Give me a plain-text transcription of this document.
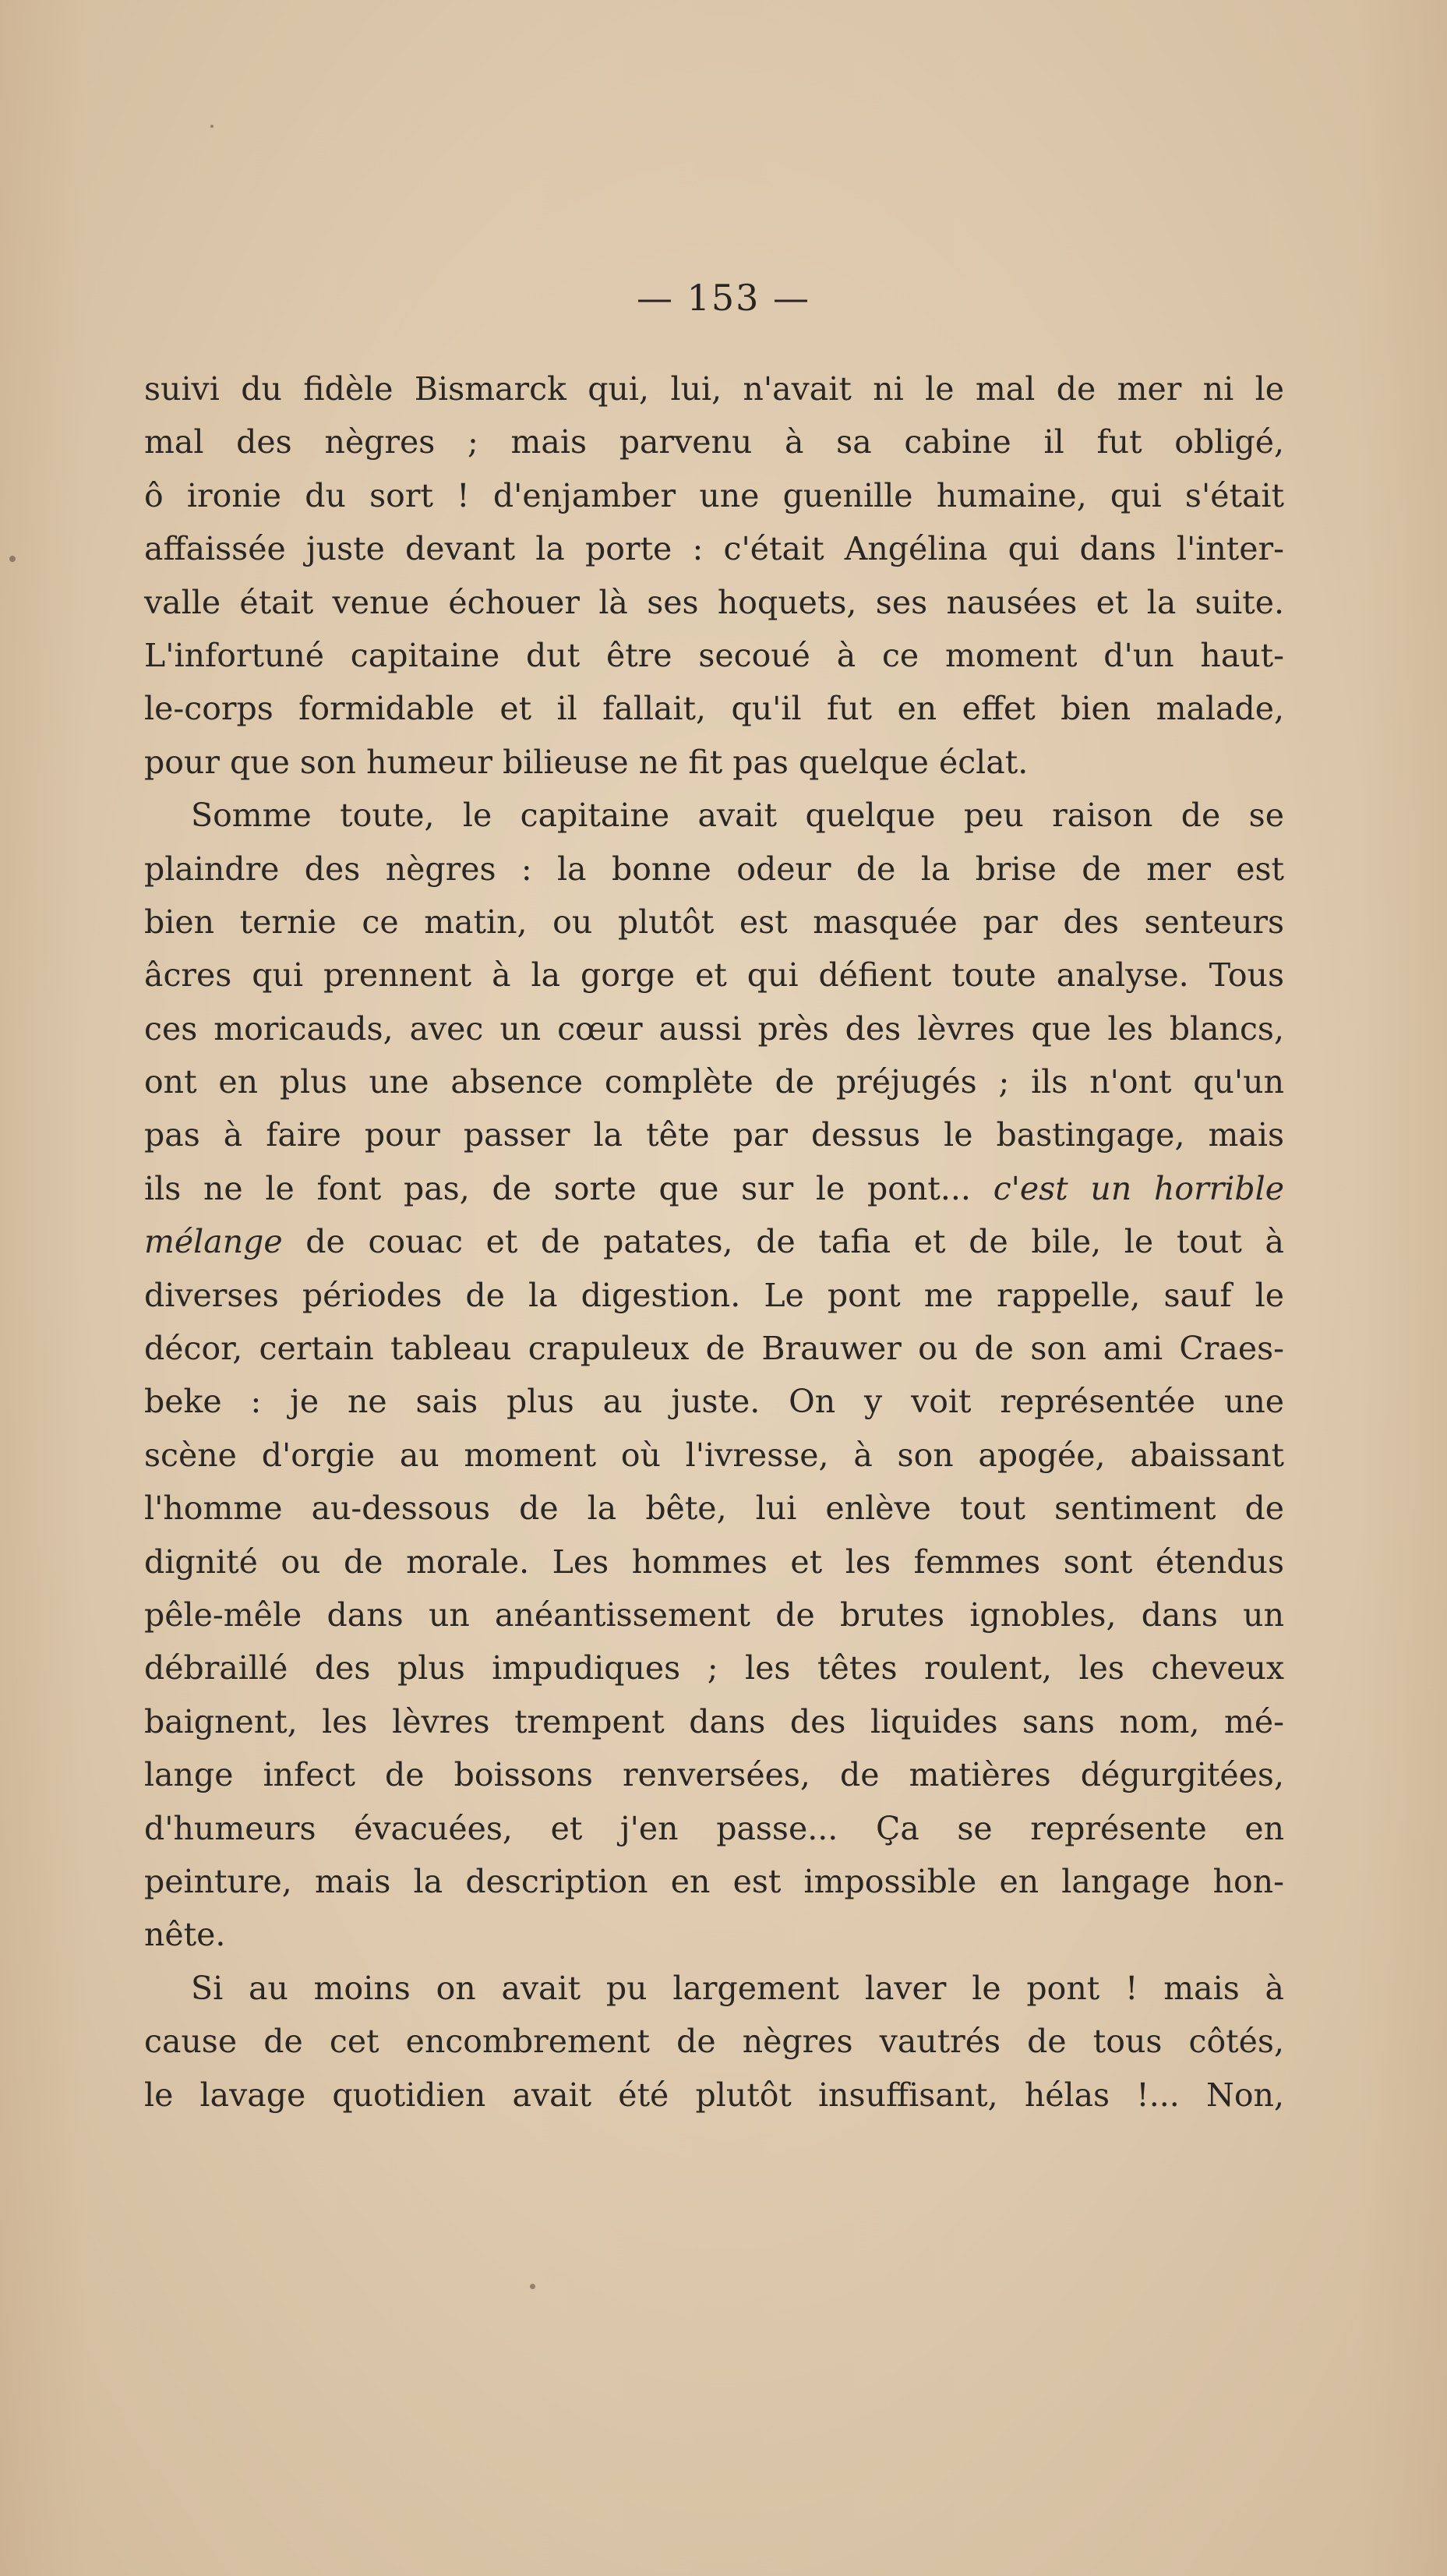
— 153 —
suivi du fidèle Bismarck qui, lui, n'avait ni le mal de mer ni le
mal des nègres ; mais parvenu à sa cabine il fut obligé,
ô ironie du sort ! d'enjamber une guenille humaine, qui s'était
affaissée juste devant la porte : c'était Angélina qui dans l'inter-
valle était venue échouer là ses hoquets, ses nausées et la suite.
L'infortuné capitaine dut être secoué à ce moment d'un haut-
le-corps formidable et il fallait, qu'il fut en effet bien malade,
pour que son humeur bilieuse ne fit pas quelque éclat.
Somme toute, le capitaine avait quelque peu raison de se
plaindre des nègres : la bonne odeur de la brise de mer est
bien ternie ce matin, ou plutôt est masquée par des senteurs
âcres qui prennent à la gorge et qui défient toute analyse. Tous
ces moricauds, avec un cœur aussi près des lèvres que les blancs,
ont en plus une absence complète de préjugés ; ils n'ont qu'un
pas à faire pour passer la tête par dessus le bastingage, mais
ils ne le font pas, de sorte que sur le pont... c'est un horrible
mélange de couac et de patates, de tafia et de bile, le tout à
diverses périodes de la digestion. Le pont me rappelle, sauf le
décor, certain tableau crapuleux de Brauwer ou de son ami Craes-
beke : je ne sais plus au juste. On y voit représentée une
scène d'orgie au moment où l'ivresse, à son apogée, abaissant
l'homme au-dessous de la bête, lui enlève tout sentiment de
dignité ou de morale. Les hommes et les femmes sont étendus
pêle-mêle dans un anéantissement de brutes ignobles, dans un
débraillé des plus impudiques ; les têtes roulent, les cheveux
baignent, les lèvres trempent dans des liquides sans nom, mé-
lange infect de boissons renversées, de matières dégurgitées,
d'humeurs évacuées, et j'en passe... Ça se représente en
peinture, mais la description en est impossible en langage hon-
nête.
Si au moins on avait pu largement laver le pont ! mais à
cause de cet encombrement de nègres vautrés de tous côtés,
le lavage quotidien avait été plutôt insuffisant, hélas !... Non,
